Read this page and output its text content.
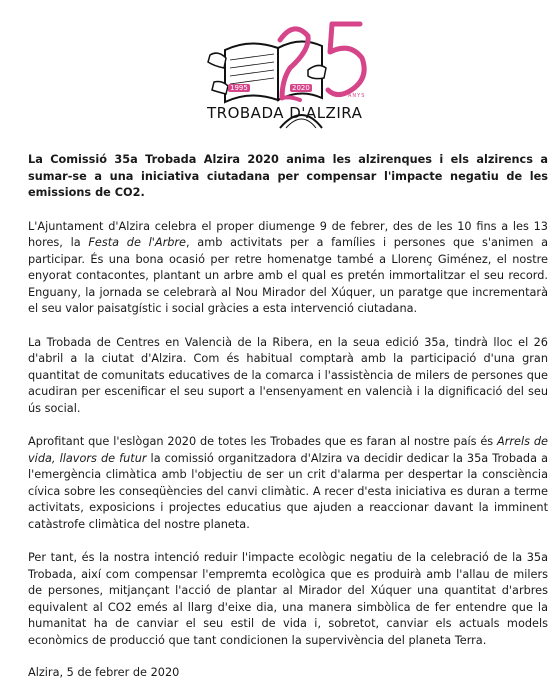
1995	2020
ANYS
TROBADA D'ALZIRA

La Comissió 35a Trobada Alzira 2020 anima les alzirenques i els alzirencs a sumar-se a una iniciativa ciutadana per compensar l'impacte negatiu de les emissions de CO2.

L'Ajuntament d'Alzira celebra el proper diumenge 9 de febrer, des de les 10 fins a les 13 hores, la Festa de l'Arbre, amb activitats per a famílies i persones que s'animen a participar. És una bona ocasió per retre homenatge també a Llorenç Giménez, el nostre enyorat contacontes, plantant un arbre amb el qual es pretén immortalitzar el seu record. Enguany, la jornada se celebrarà al Nou Mirador del Xúquer, un paratge que incrementarà el seu valor paisatgístic i social gràcies a esta intervenció ciutadana.

La Trobada de Centres en Valencià de la Ribera, en la seua edició 35a, tindrà lloc el 26 d'abril a la ciutat d'Alzira. Com és habitual comptarà amb la participació d'una gran quantitat de comunitats educatives de la comarca i l'assistència de milers de persones que acudiran per escenificar el seu suport a l'ensenyament en valencià i la dignificació del seu ús social.

Aprofitant que l'eslògan 2020 de totes les Trobades que es faran al nostre país és Arrels de vida, llavors de futur la comissió organitzadora d'Alzira va decidir dedicar la 35a Trobada a l'emergència climàtica amb l'objectiu de ser un crit d'alarma per despertar la consciència cívica sobre les conseqüències del canvi climàtic. A recer d'esta iniciativa es duran a terme activitats, exposicions i projectes educatius que ajuden a reaccionar davant la imminent catàstrofe climàtica del nostre planeta.

Per tant, és la nostra intenció reduir l'impacte ecològic negatiu de la celebració de la 35a Trobada, així com compensar l'empremta ecològica que es produirà amb l'allau de milers de persones, mitjançant l'acció de plantar al Mirador del Xúquer una quantitat d'arbres equivalent al CO2 emés al llarg d'eixe dia, una manera simbòlica de fer entendre que la humanitat ha de canviar el seu estil de vida i, sobretot, canviar els actuals models econòmics de producció que tant condicionen la supervivència del planeta Terra.

Alzira, 5 de febrer de 2020
